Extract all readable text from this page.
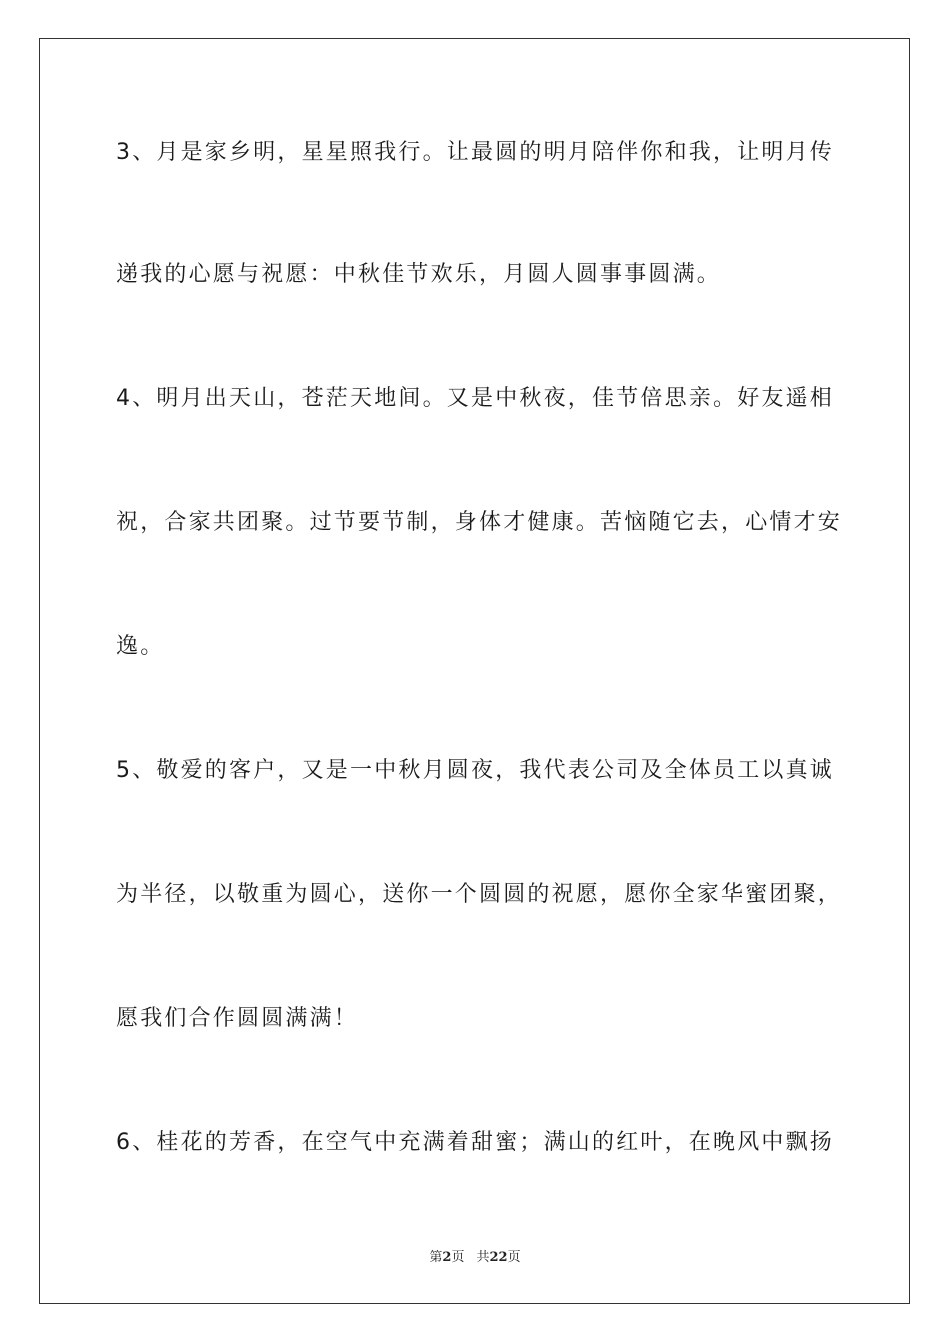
3、月是家乡明，星星照我行。让最圆的明月陪伴你和我，让明月传
递我的心愿与祝愿：中秋佳节欢乐，月圆人圆事事圆满。
4、明月出天山，苍茫天地间。又是中秋夜，佳节倍思亲。好友遥相
祝，合家共团聚。过节要节制，身体才健康。苦恼随它去，心情才安
逸。
5、敬爱的客户，又是一中秋月圆夜，我代表公司及全体员工以真诚
为半径，以敬重为圆心，送你一个圆圆的祝愿，愿你全家华蜜团聚，
愿我们合作圆圆满满！
6、桂花的芳香，在空气中充满着甜蜜；满山的红叶，在晚风中飘扬
第2页 共22页
